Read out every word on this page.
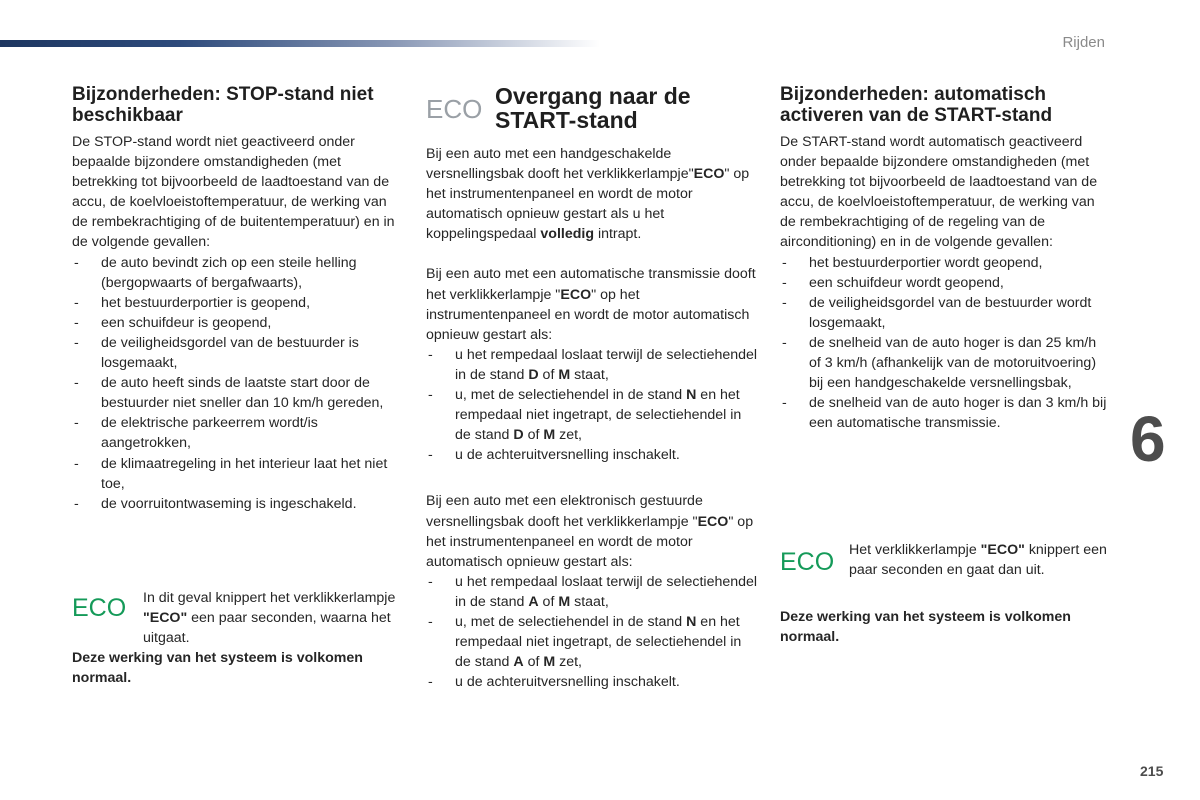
Rijden
6
215
Bijzonderheden: STOP-stand niet beschikbaar

De STOP-stand wordt niet geactiveerd onder bepaalde bijzondere omstandigheden (met betrekking tot bijvoorbeeld de laadtoestand van de accu, de koelvloeistoftemperatuur, de werking van de rembekrachtiging of de buitentemperatuur) en in de volgende gevallen:

- de auto bevindt zich op een steile helling (bergopwaarts of bergafwaarts),
- het bestuurderportier is geopend,
- een schuifdeur is geopend,
- de veiligheidsgordel van de bestuurder is losgemaakt,
- de auto heeft sinds de laatste start door de bestuurder niet sneller dan 10 km/h gereden,
- de elektrische parkeerrem wordt/is aangetrokken,
- de klimaatregeling in het interieur laat het niet toe,
- de voorruitontwaseming is ingeschakeld.
ECO In dit geval knippert het verklikkerlampje "ECO" een paar seconden, waarna het uitgaat.

Deze werking van het systeem is volkomen normaal.

ECO Overgang naar de START-stand

Bij een auto met een handgeschakelde versnellingsbak dooft het verklikkerlampje"ECO" op het instrumentenpaneel en wordt de motor automatisch opnieuw gestart als u het koppelingspedaal volledig intrapt.

Bij een auto met een automatische transmissie dooft het verklikkerlampje "ECO" op het instrumentenpaneel en wordt de motor automatisch opnieuw gestart als:

- u het rempedaal loslaat terwijl de selectiehendel in de stand D of M staat,
- u, met de selectiehendel in de stand N en het rempedaal niet ingetrapt, de selectiehendel in de stand D of M zet,
- u de achteruitversnelling inschakelt.

Bij een auto met een elektronisch gestuurde versnellingsbak dooft het verklikkerlampje "ECO" op het instrumentenpaneel en wordt de motor automatisch opnieuw gestart als:

- u het rempedaal loslaat terwijl de selectiehendel in de stand A of M staat,
- u, met de selectiehendel in de stand N en het rempedaal niet ingetrapt, de selectiehendel in de stand A of M zet,
- u de achteruitversnelling inschakelt.
Bijzonderheden: automatisch activeren van de START-stand

De START-stand wordt automatisch geactiveerd onder bepaalde bijzondere omstandigheden (met betrekking tot bijvoorbeeld de laadtoestand van de accu, de koelvloeistoftemperatuur, de werking van de rembekrachtiging of de regeling van de airconditioning) en in de volgende gevallen:

- het bestuurderportier wordt geopend,
- een schuifdeur wordt geopend,
- de veiligheidsgordel van de bestuurder wordt losgemaakt,
- de snelheid van de auto hoger is dan 25 km/h of 3 km/h (afhankelijk van de motoruitvoering) bij een handgeschakelde versnellingsbak,
- de snelheid van de auto hoger is dan 3 km/h bij een automatische transmissie.
ECO Het verklikkerlampje "ECO" knippert een paar seconden en gaat dan uit.

Deze werking van het systeem is volkomen normaal.
